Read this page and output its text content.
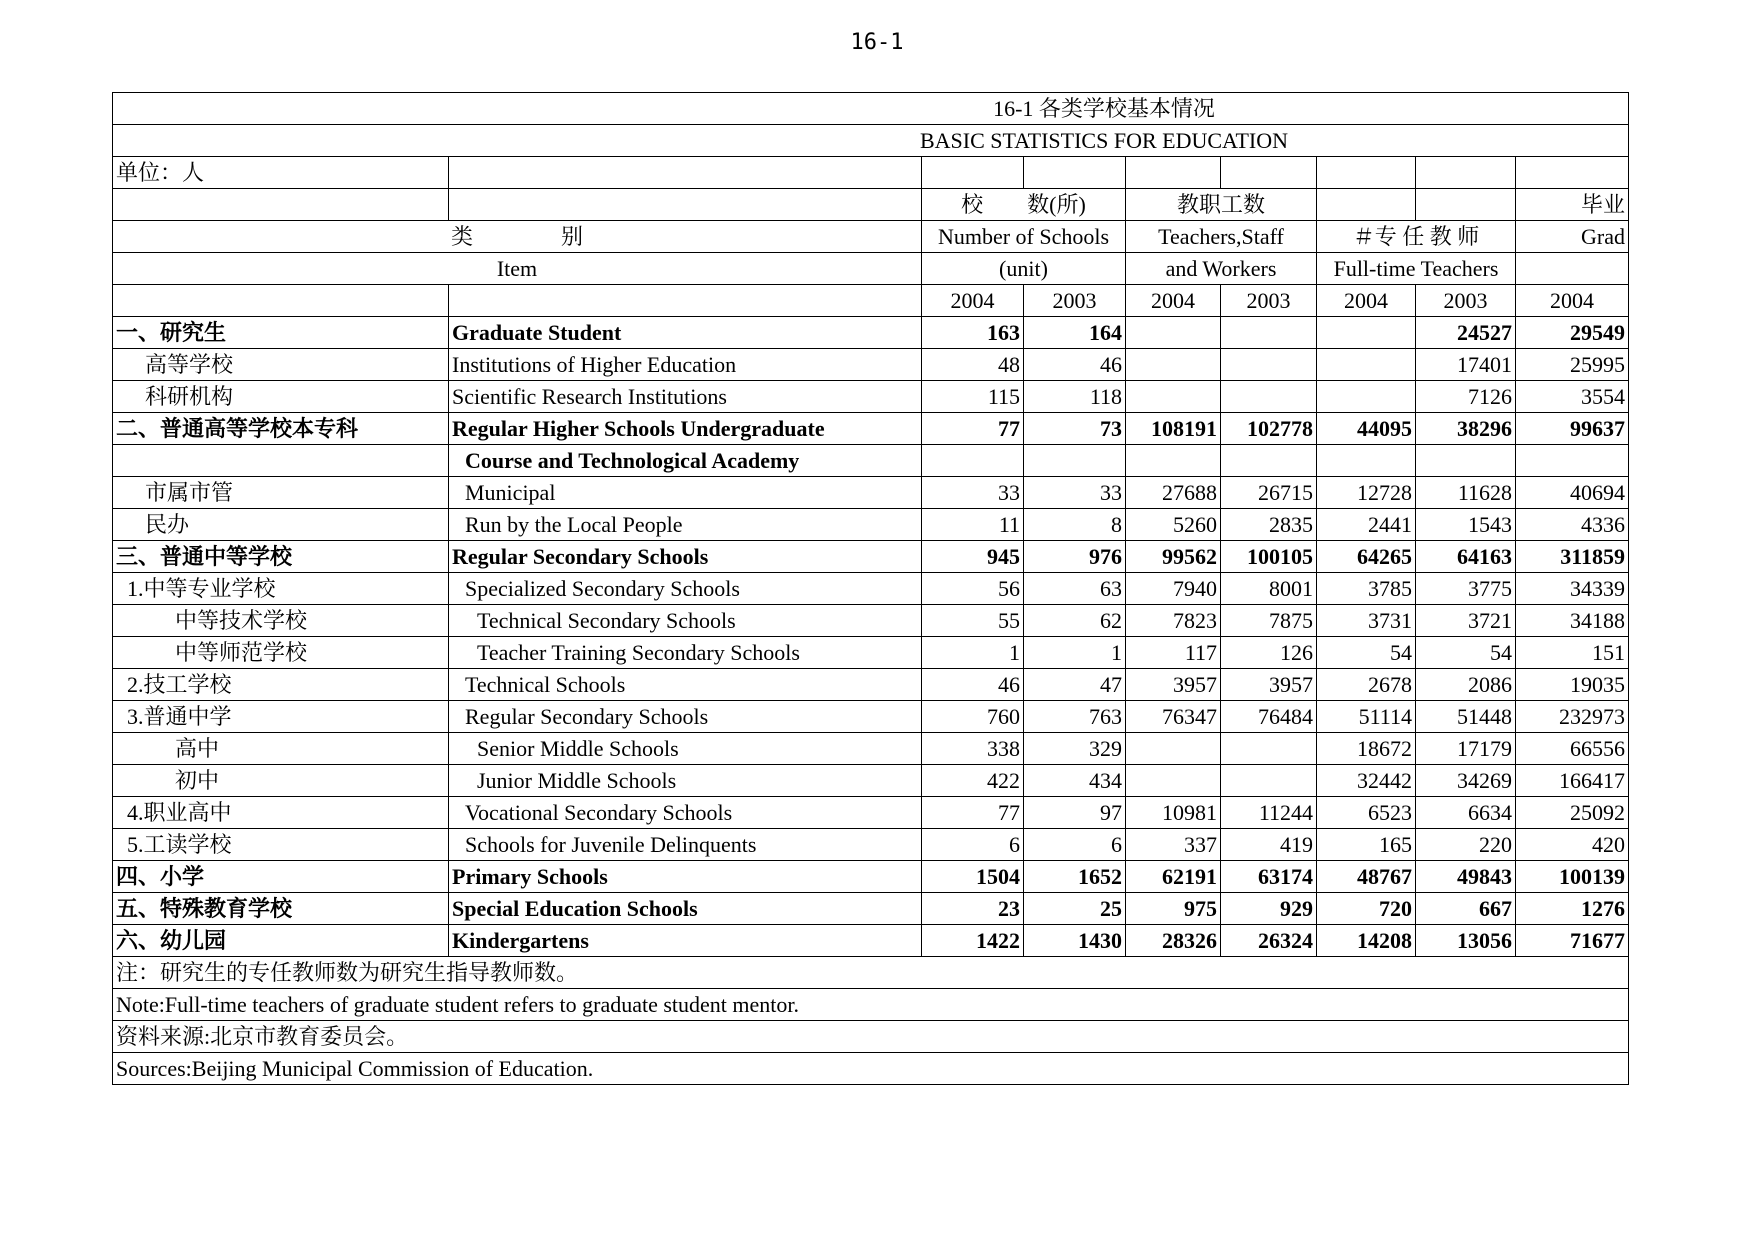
16-1
16-1 各类学校基本情况								
BASIC STATISTICS FOR EDUCATION								
单位：人								
		校　　数(所)		教职工数				毕业
类　　　　别		Number of Schools		Teachers,Staff		＃专 任 教 师		Grad
Item		(unit)		and Workers		Full-time Teachers		
		2004	2003	2004	2003	2004	2003	2004
一、研究生	Graduate Student	163	164				24527	29549
高等学校	Institutions of Higher Education	48	46				17401	25995
科研机构	Scientific Research Institutions	115	118				7126	3554
二、普通高等学校本专科	Regular Higher Schools Undergraduate	77	73	108191	102778	44095	38296	99637
	Course and Technological Academy							
市属市管	Municipal	33	33	27688	26715	12728	11628	40694
民办	Run by the Local People	11	8	5260	2835	2441	1543	4336
三、普通中等学校	Regular Secondary Schools	945	976	99562	100105	64265	64163	311859
1.中等专业学校	Specialized Secondary Schools	56	63	7940	8001	3785	3775	34339
中等技术学校	Technical Secondary Schools	55	62	7823	7875	3731	3721	34188
中等师范学校	Teacher Training Secondary Schools	1	1	117	126	54	54	151
2.技工学校	Technical Schools	46	47	3957	3957	2678	2086	19035
3.普通中学	Regular Secondary Schools	760	763	76347	76484	51114	51448	232973
高中	Senior Middle Schools	338	329			18672	17179	66556
初中	Junior Middle Schools	422	434			32442	34269	166417
4.职业高中	Vocational Secondary Schools	77	97	10981	11244	6523	6634	25092
5.工读学校	Schools for Juvenile Delinquents	6	6	337	419	165	220	420
四、小学	Primary Schools	1504	1652	62191	63174	48767	49843	100139
五、特殊教育学校	Special Education Schools	23	25	975	929	720	667	1276
六、幼儿园	Kindergartens	1422	1430	28326	26324	14208	13056	71677
注：研究生的专任教师数为研究生指导教师数。								
Note:Full-time teachers of graduate student refers to graduate student mentor.								
资料来源:北京市教育委员会。								
Sources:Beijing Municipal Commission of Education.								
